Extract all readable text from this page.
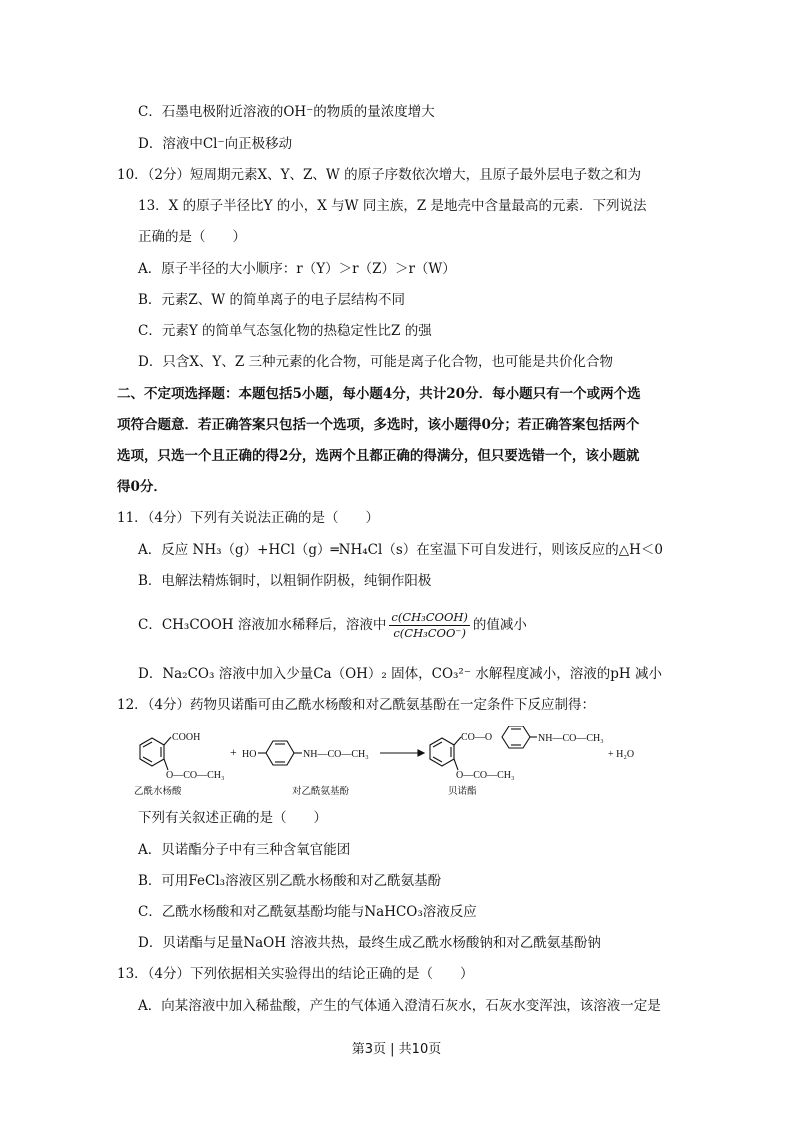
C．石墨电极附近溶液的OH⁻的物质的量浓度增大
D．溶液中Cl⁻向正极移动
10．（2分）短周期元素X、Y、Z、W 的原子序数依次增大，且原子最外层电子数之和为
13．X 的原子半径比Y 的小，X 与W 同主族，Z 是地壳中含量最高的元素．下列说法
正确的是（　　）
A．原子半径的大小顺序：r（Y）＞r（Z）＞r（W）
B．元素Z、W 的简单离子的电子层结构不同
C．元素Y 的简单气态氢化物的热稳定性比Z 的强
D．只含X、Y、Z 三种元素的化合物，可能是离子化合物，也可能是共价化合物
二、不定项选择题：本题包括5小题，每小题4分，共计20分．每小题只有一个或两个选
项符合题意．若正确答案只包括一个选项，多选时，该小题得0分；若正确答案包括两个
选项，只选一个且正确的得2分，选两个且都正确的得满分，但只要选错一个，该小题就
得0分．
11．（4分）下列有关说法正确的是（　　）
A．反应 NH₃（g）+HCl（g）═NH₄Cl（s）在室温下可自发进行，则该反应的△H＜0
B．电解法精炼铜时，以粗铜作阴极，纯铜作阳极
C．CH₃COOH 溶液加水稀释后，溶液中 $\frac{\text{c(CH₃COOH)}}{\text{c(CH₃COO⁻)}}$ 的值减小
D．Na₂CO₃ 溶液中加入少量Ca（OH）₂ 固体，CO₃²⁻ 水解程度减小，溶液的pH 减小
12．（4分）药物贝诺酯可由乙酰水杨酸和对乙酰氨基酚在一定条件下反应制得：
COOH
O—CO—CH₃
乙酰水杨酸
+ HO	NH—CO—CH₃
对乙酰氨基酚
CO—O	NH—CO—CH₃
O—CO—CH₃
贝诺酯
+ H₂O
下列有关叙述正确的是（　　）
A．贝诺酯分子中有三种含氧官能团
B．可用FeCl₃溶液区别乙酰水杨酸和对乙酰氨基酚
C．乙酰水杨酸和对乙酰氨基酚均能与NaHCO₃溶液反应
D．贝诺酯与足量NaOH 溶液共热，最终生成乙酰水杨酸钠和对乙酰氨基酚钠
13．（4分）下列依据相关实验得出的结论正确的是（　　）
A．向某溶液中加入稀盐酸，产生的气体通入澄清石灰水，石灰水变浑浊，该溶液一定是
第3页 | 共10页
